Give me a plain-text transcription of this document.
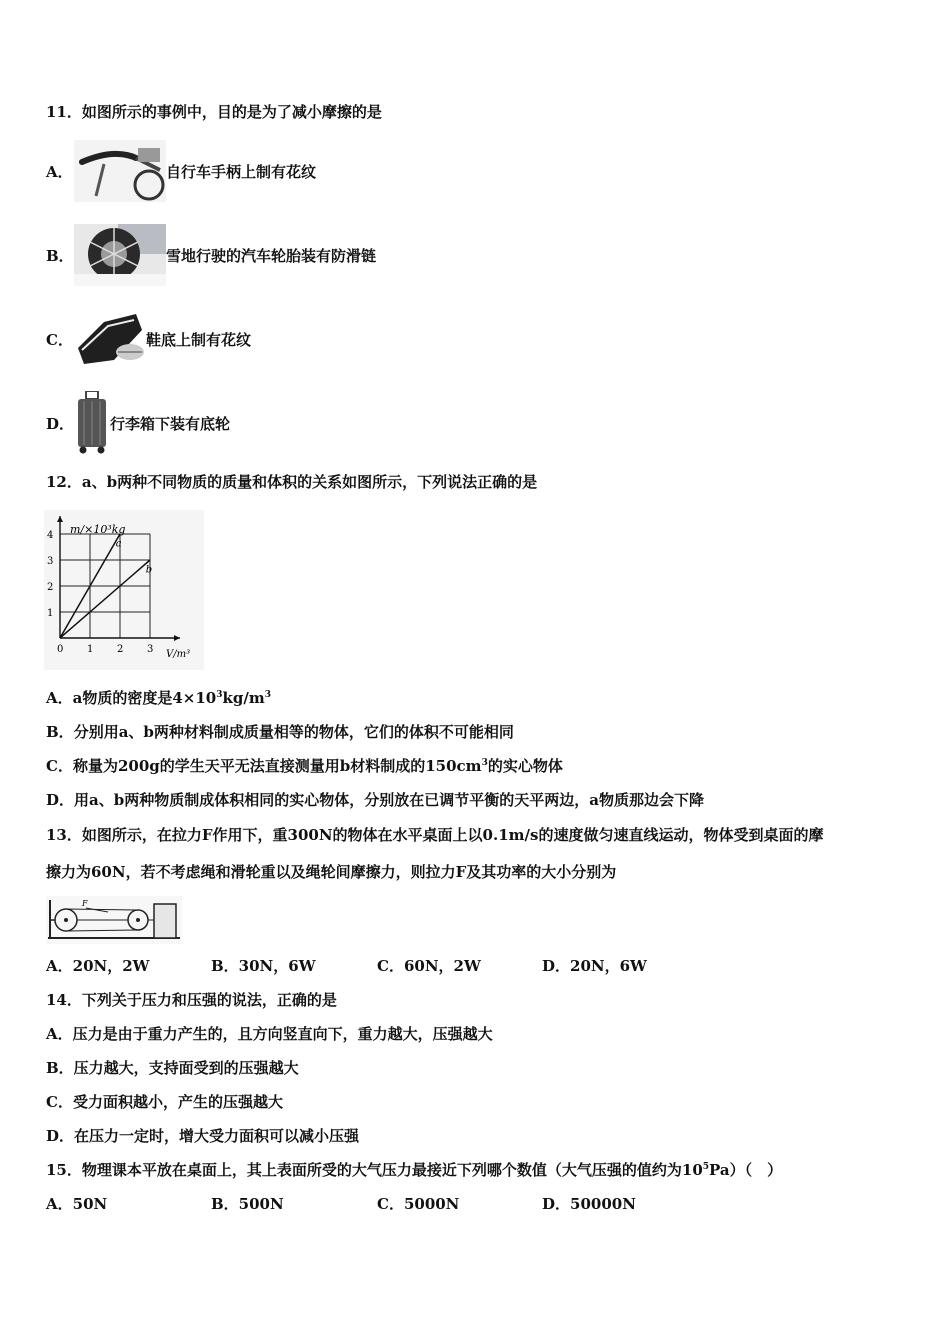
11．如图所示的事例中，目的是为了减小摩擦的是
A．	自行车手柄上制有花纹
B．	雪地行驶的汽车轮胎装有防滑链
C．	鞋底上制有花纹
D． 行李箱下装有底轮
12．a、b两种不同物质的质量和体积的关系如图所示，下列说法正确的是
a
b
0 1 2 3
1
2
3
4 m/×10³kg
V/m³
A．a物质的密度是$4\times 10^3kg/m^3$
B．分别用a、b两种材料制成质量相等的物体，它们的体积不可能相同
C．称量为200g的学生天平无法直接测量用b材料制成的$150cm^3$的实心物体
D．用a、b两种物质制成体积相同的实心物体，分别放在已调节平衡的天平两边，a物质那边会下降
13．如图所示，在拉力F作用下，重300N的物体在水平桌面上以0.1m/s的速度做匀速直线运动，物体受到桌面的摩
擦力为60N，若不考虑绳和滑轮重以及绳轮间摩擦力，则拉力F及其功率的大小分别为
F
A．20N，2W	B．30N，6W	C．60N，2W	D．20N，6W
14．下列关于压力和压强的说法，正确的是
A．压力是由于重力产生的，且方向竖直向下，重力越大，压强越大
B．压力越大，支持面受到的压强越大
C．受力面积越小，产生的压强越大
D．在压力一定时，增大受力面积可以减小压强
15．物理课本平放在桌面上，其上表面所受的大气压力最接近下列哪个数值（大气压强的值约为$10^5Pa$）（　）
A．50N	B．500N	C．5000N	D．50000N
